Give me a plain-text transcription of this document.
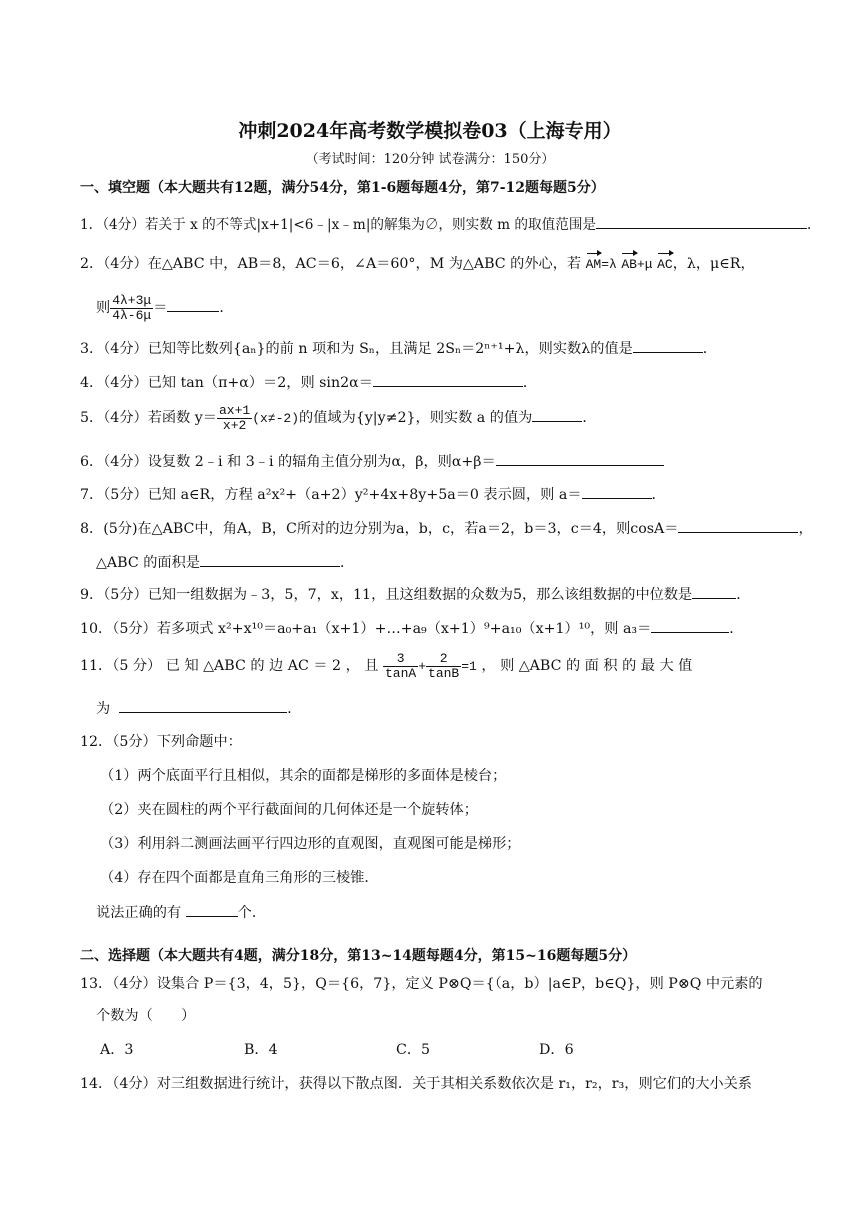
冲刺2024年高考数学模拟卷03（上海专用）
（考试时间：120分钟 试卷满分：150分）
一、填空题（本大题共有12题，满分54分，第1-6题每题4分，第7-12题每题5分）
1．（4分）若关于 x 的不等式|x+1|<6﹣|x﹣m|的解集为∅，则实数 m 的取值范围是	．
2．（4分）在△ABC 中，AB＝8，AC＝6，∠A＝60°，M 为△ABC 的外心，若 AM=λ AB+μ AC，λ，μ∈R，
则 $\frac{4\lambda+3\mu}{4\lambda-6\mu}$ ＝	．
3．（4分）已知等比数列{aₙ}的前 n 项和为 Sₙ，且满足 2Sₙ＝2ⁿ⁺¹+λ，则实数λ的值是	．
4．（4分）已知 tan（π+α）＝2，则 sin2α＝	．
5．（4分）若函数 $y= \frac{ax+1}{x+2} (x\ne-2)$的值域为{y|y≠2}，则实数 a 的值为	．
6．（4分）设复数 2﹣i 和 3﹣i 的辐角主值分别为α，β，则α+β＝
7．（5分）已知 a∈R，方程 a²x²+（a+2）y²+4x+8y+5a＝0 表示圆，则 a＝	．
8．(5分)在△ABC中，角A，B，C所对的边分别为a，b，c，若a＝2，b＝3，c＝4，则cosA＝	，
△ABC 的面积是	．
9．（5分）已知一组数据为﹣3，5，7，x，11，且这组数据的众数为5，那么该组数据的中位数是	．
10．（5分）若多项式 x²+x¹⁰＝a₀+a₁（x+1）+…+a₉（x+1）⁹+a₁₀（x+1）¹⁰，则 a₃＝	．
11．（5 分） 已 知 △ABC 的 边 AC ＝ 2 ， 且 $\frac{3}{\tan A} + \frac{2}{\tan B} =1$ ， 则 △ABC 的 面 积 的 最 大 值
为	．
12．（5分）下列命题中：
（1）两个底面平行且相似，其余的面都是梯形的多面体是棱台；
（2）夹在圆柱的两个平行截面间的几何体还是一个旋转体；
（3）利用斜二测画法画平行四边形的直观图，直观图可能是梯形；
（4）存在四个面都是直角三角形的三棱锥．
说法正确的有	个．
二、选择题（本大题共有4题，满分18分，第13~14题每题4分，第15~16题每题5分）
13．（4分）设集合 P＝{3，4，5}，Q＝{6，7}，定义 P⊗Q＝{（a，b）|a∈P，b∈Q}，则 P⊗Q 中元素的
个数为（　　）
A．3	B．4	C．5	D．6
14．（4分）对三组数据进行统计，获得以下散点图．关于其相关系数依次是 r₁，r₂，r₃，则它们的大小关系
